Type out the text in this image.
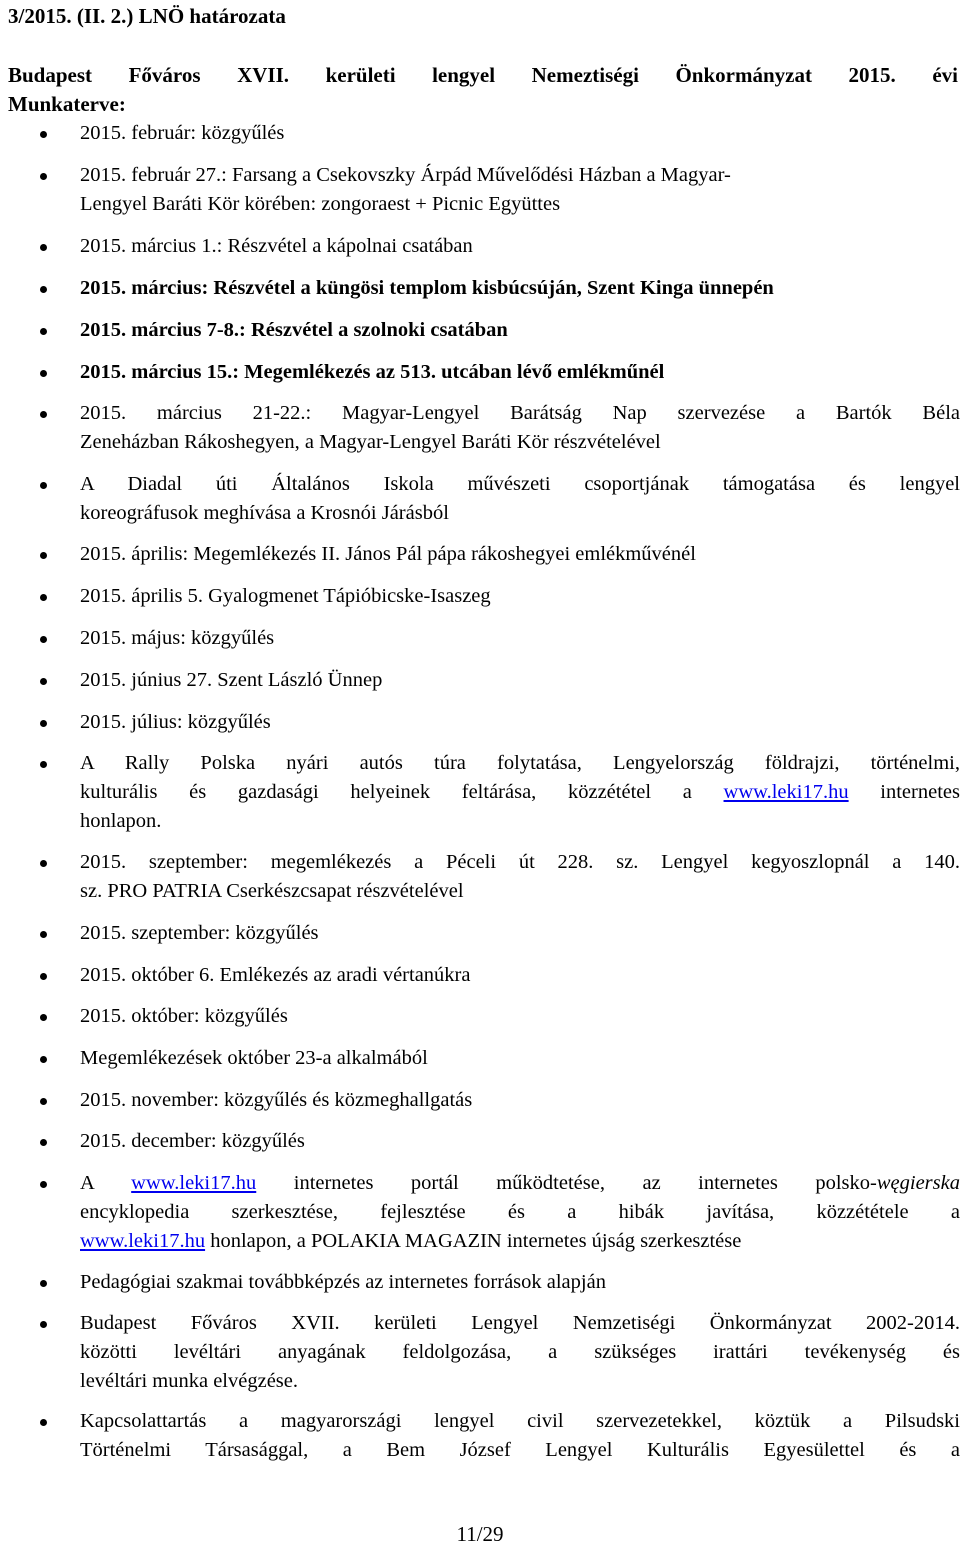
3/2015. (II. 2.) LNÖ határozata
Budapest Főváros XVII. kerületi lengyel Nemeztiségi Önkormányzat 2015. évi
Munkaterve:
2015. február: közgyűlés
2015. február 27.: Farsang a Csekovszky Árpád Művelődési Házban a Magyar-
Lengyel Baráti Kör körében: zongoraest + Picnic Együttes
2015. március 1.: Részvétel a kápolnai csatában
2015. március: Részvétel a küngösi templom kisbúcsúján, Szent Kinga ünnepén
2015. március 7-8.: Részvétel a szolnoki csatában
2015. március 15.: Megemlékezés az 513. utcában lévő emlékműnél
2015. március 21-22.: Magyar-Lengyel Barátság Nap szervezése a Bartók Béla
Zeneházban Rákoshegyen, a Magyar-Lengyel Baráti Kör részvételével
A Diadal úti Általános Iskola művészeti csoportjának támogatása és lengyel
koreográfusok meghívása a Krosnói Járásból
2015. április: Megemlékezés II. János Pál pápa rákoshegyei emlékművénél
2015. április 5. Gyalogmenet Tápióbicske-Isaszeg
2015. május: közgyűlés
2015. június 27. Szent László Ünnep
2015. július: közgyűlés
A Rally Polska nyári autós túra folytatása, Lengyelország földrajzi, történelmi,
kulturális és gazdasági helyeinek feltárása, közzététel a www.leki17.hu internetes
honlapon.
2015. szeptember: megemlékezés a Péceli út 228. sz. Lengyel kegyoszlopnál a 140.
sz. PRO PATRIA Cserkészcsapat részvételével
2015. szeptember: közgyűlés
2015. október 6. Emlékezés az aradi vértanúkra
2015. október: közgyűlés
Megemlékezések október 23-a alkalmából
2015. november: közgyűlés és közmeghallgatás
2015. december: közgyűlés
A www.leki17.hu internetes portál működtetése, az internetes polsko-węgierska
encyklopedia szerkesztése, fejlesztése és a hibák javítása, közzététele a
www.leki17.hu honlapon, a POLAKIA MAGAZIN internetes újság szerkesztése
Pedagógiai szakmai továbbképzés az internetes források alapján
Budapest Főváros XVII. kerületi Lengyel Nemzetiségi Önkormányzat 2002-2014.
közötti levéltári anyagának feldolgozása, a szükséges irattári tevékenység és
levéltári munka elvégzése.
Kapcsolattartás a magyarországi lengyel civil szervezetekkel, köztük a Pilsudski
Történelmi Társasággal, a Bem József Lengyel Kulturális Egyesülettel és a
11/29
